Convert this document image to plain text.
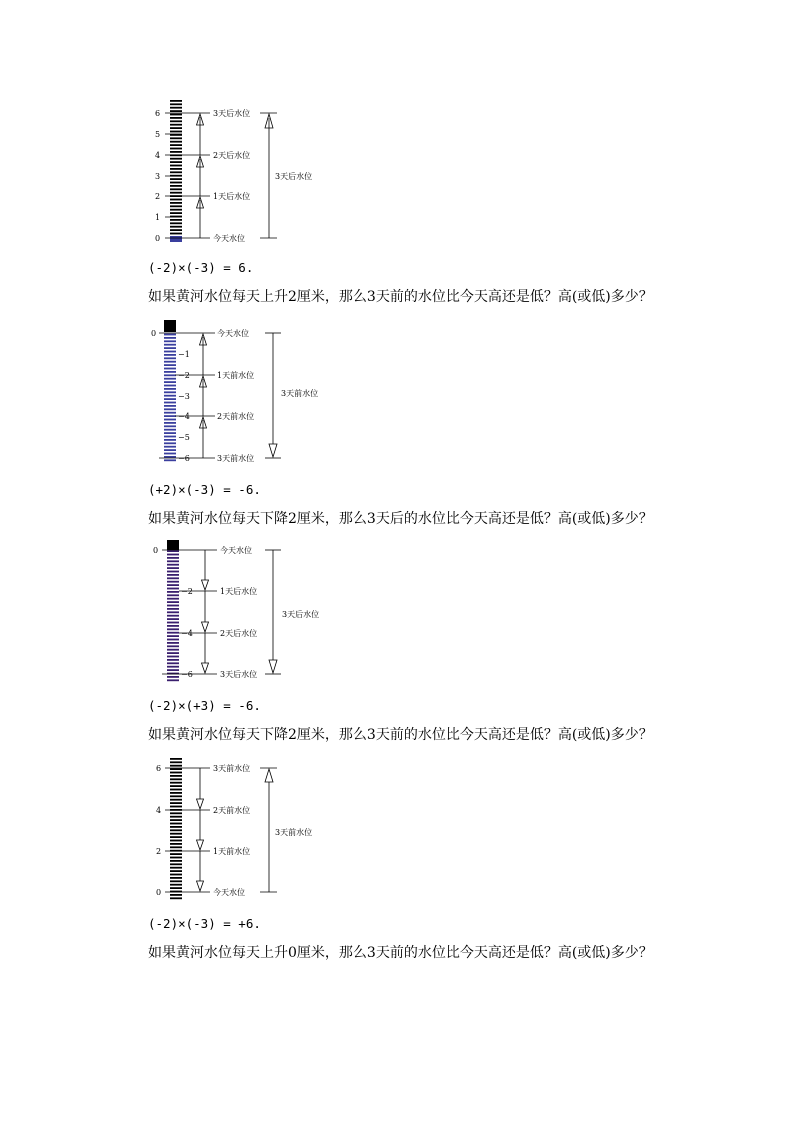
6
5
4
3
2
1
0
3天后水位
2天后水位
1天后水位
今天水位
3天后水位
(-2)×(-3) = 6.
如果黄河水位每天上升2厘米，那么3天前的水位比今天高还是低？高(或低)多少？
0
−1
−2
−3
−4
−5
−6
今天水位
1天前水位
2天前水位
3天前水位
3天前水位
(+2)×(-3) = -6.
如果黄河水位每天下降2厘米，那么3天后的水位比今天高还是低？高(或低)多少？
0
−2
−4
−6
今天水位
1天后水位
2天后水位
3天后水位
3天后水位
(-2)×(+3) = -6.
如果黄河水位每天下降2厘米，那么3天前的水位比今天高还是低？高(或低)多少？
6
4
2
0
3天前水位
2天前水位
1天前水位
今天水位
3天前水位
(-2)×(-3) = +6.
如果黄河水位每天上升0厘米，那么3天前的水位比今天高还是低？高(或低)多少？
